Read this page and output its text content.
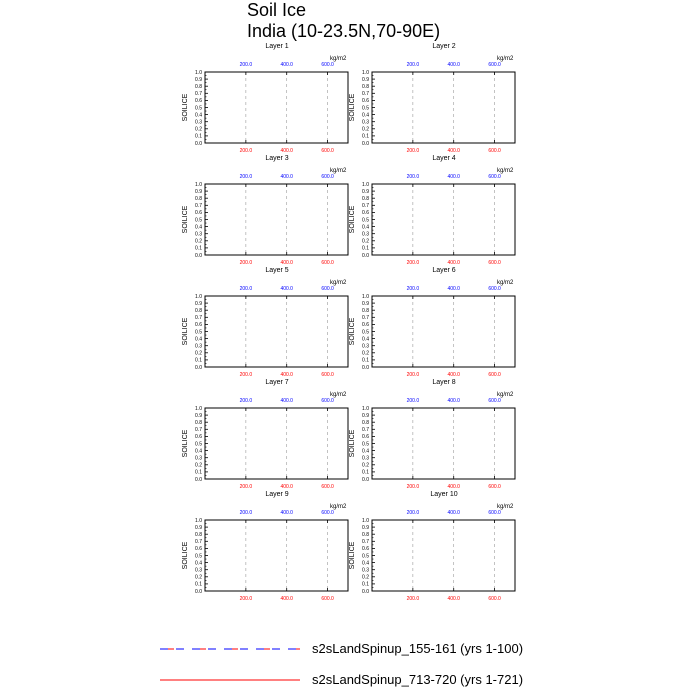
Soil Ice
India (10-23.5N,70-90E)
0.0
0.1
0.2
0.3
0.4
0.5
0.6
0.7
0.8
0.9
1.0
200.0	400.0	600.0
200.0	400.0	600.0
Layer 1
kg/m2
SOILICE
0.0
0.1
0.2
0.3
0.4
0.5
0.6
0.7
0.8
0.9
1.0
200.0	400.0	600.0
200.0	400.0	600.0
Layer 2
kg/m2
SOILICE
0.0
0.1
0.2
0.3
0.4
0.5
0.6
0.7
0.8
0.9
1.0
200.0	400.0	600.0
200.0	400.0	600.0
Layer 3
kg/m2
SOILICE
0.0
0.1
0.2
0.3
0.4
0.5
0.6
0.7
0.8
0.9
1.0
200.0	400.0	600.0
200.0	400.0	600.0
Layer 4
kg/m2
SOILICE
0.0
0.1
0.2
0.3
0.4
0.5
0.6
0.7
0.8
0.9
1.0
200.0	400.0	600.0
200.0	400.0	600.0
Layer 5
kg/m2
SOILICE
0.0
0.1
0.2
0.3
0.4
0.5
0.6
0.7
0.8
0.9
1.0
200.0	400.0	600.0
200.0	400.0	600.0
Layer 6
kg/m2
SOILICE
0.0
0.1
0.2
0.3
0.4
0.5
0.6
0.7
0.8
0.9
1.0
200.0	400.0	600.0
200.0	400.0	600.0
Layer 7
kg/m2
SOILICE
0.0
0.1
0.2
0.3
0.4
0.5
0.6
0.7
0.8
0.9
1.0
200.0	400.0	600.0
200.0	400.0	600.0
Layer 8
kg/m2
SOILICE
0.0
0.1
0.2
0.3
0.4
0.5
0.6
0.7
0.8
0.9
1.0
200.0	400.0	600.0
200.0	400.0	600.0
Layer 9
kg/m2
SOILICE
0.0
0.1
0.2
0.3
0.4
0.5
0.6
0.7
0.8
0.9
1.0
200.0	400.0	600.0
200.0	400.0	600.0
Layer 10
kg/m2
SOILICE
s2sLandSpinup_155-161 (yrs 1-100)
s2sLandSpinup_713-720 (yrs 1-721)
